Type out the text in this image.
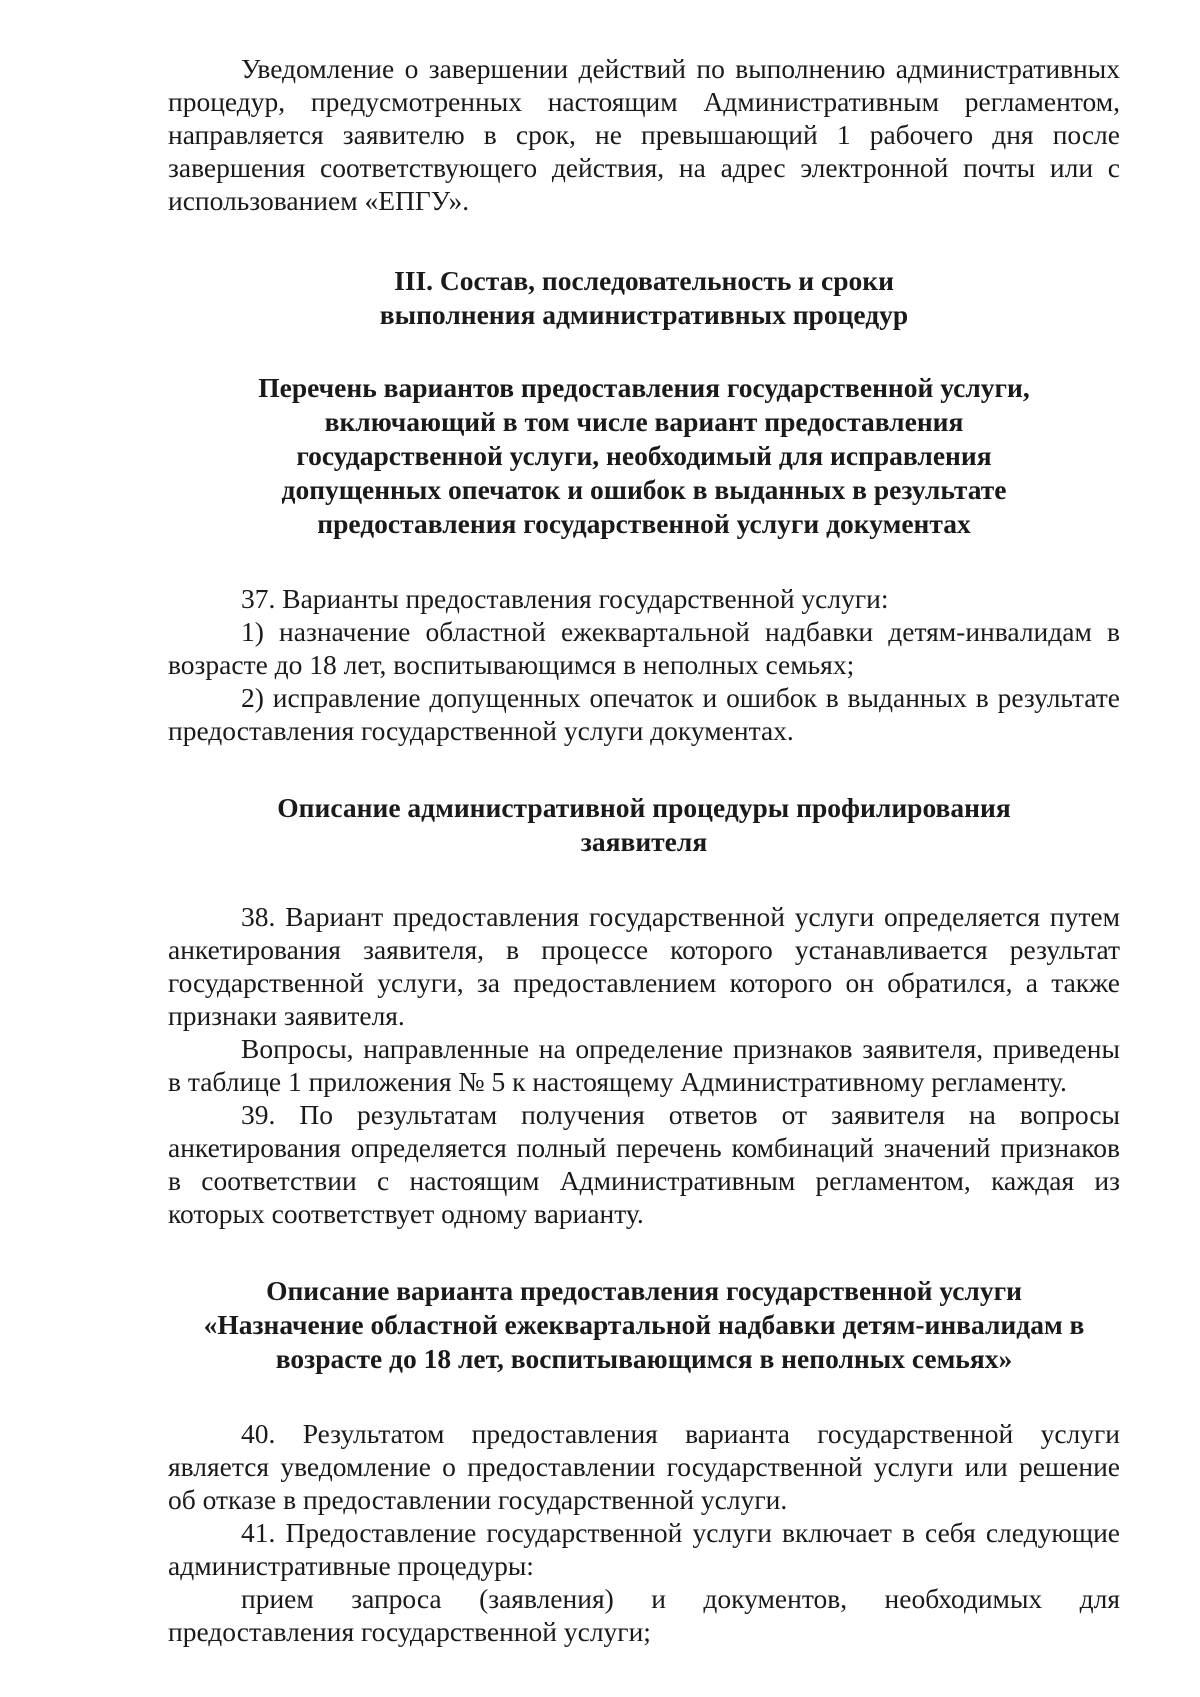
Уведомление о завершении действий по выполнению административных процедур, предусмотренных настоящим Административным регламентом, направляется заявителю в срок, не превышающий 1 рабочего дня после завершения соответствующего действия, на адрес электронной почты или с использованием «ЕПГУ».

III. Состав, последовательность и сроки
выполнения административных процедур
Перечень вариантов предоставления государственной услуги,
включающий в том числе вариант предоставления
государственной услуги, необходимый для исправления
допущенных опечаток и ошибок в выданных в результате
предоставления государственной услуги документах

37. Варианты предоставления государственной услуги:

1) назначение областной ежеквартальной надбавки детям-инвалидам в возрасте до 18 лет, воспитывающимся в неполных семьях;

2) исправление допущенных опечаток и ошибок в выданных в результате предоставления государственной услуги документах.

Описание административной процедуры профилирования
заявителя

38. Вариант предоставления государственной услуги определяется путем анкетирования заявителя, в процессе которого устанавливается результат государственной услуги, за предоставлением которого он обратился, а также признаки заявителя.

Вопросы, направленные на определение признаков заявителя, приведены в таблице 1 приложения № 5 к настоящему Административному регламенту.

39. По результатам получения ответов от заявителя на вопросы анкетирования определяется полный перечень комбинаций значений признаков в соответствии с настоящим Административным регламентом, каждая из которых соответствует одному варианту.

Описание варианта предоставления государственной услуги
«Назначение областной ежеквартальной надбавки детям-инвалидам в
возрасте до 18 лет, воспитывающимся в неполных семьях»

40. Результатом предоставления варианта государственной услуги является уведомление о предоставлении государственной услуги или решение об отказе в предоставлении государственной услуги.

41. Предоставление государственной услуги включает в себя следующие административные процедуры:

прием запроса (заявления) и документов, необходимых для предоставления государственной услуги;
